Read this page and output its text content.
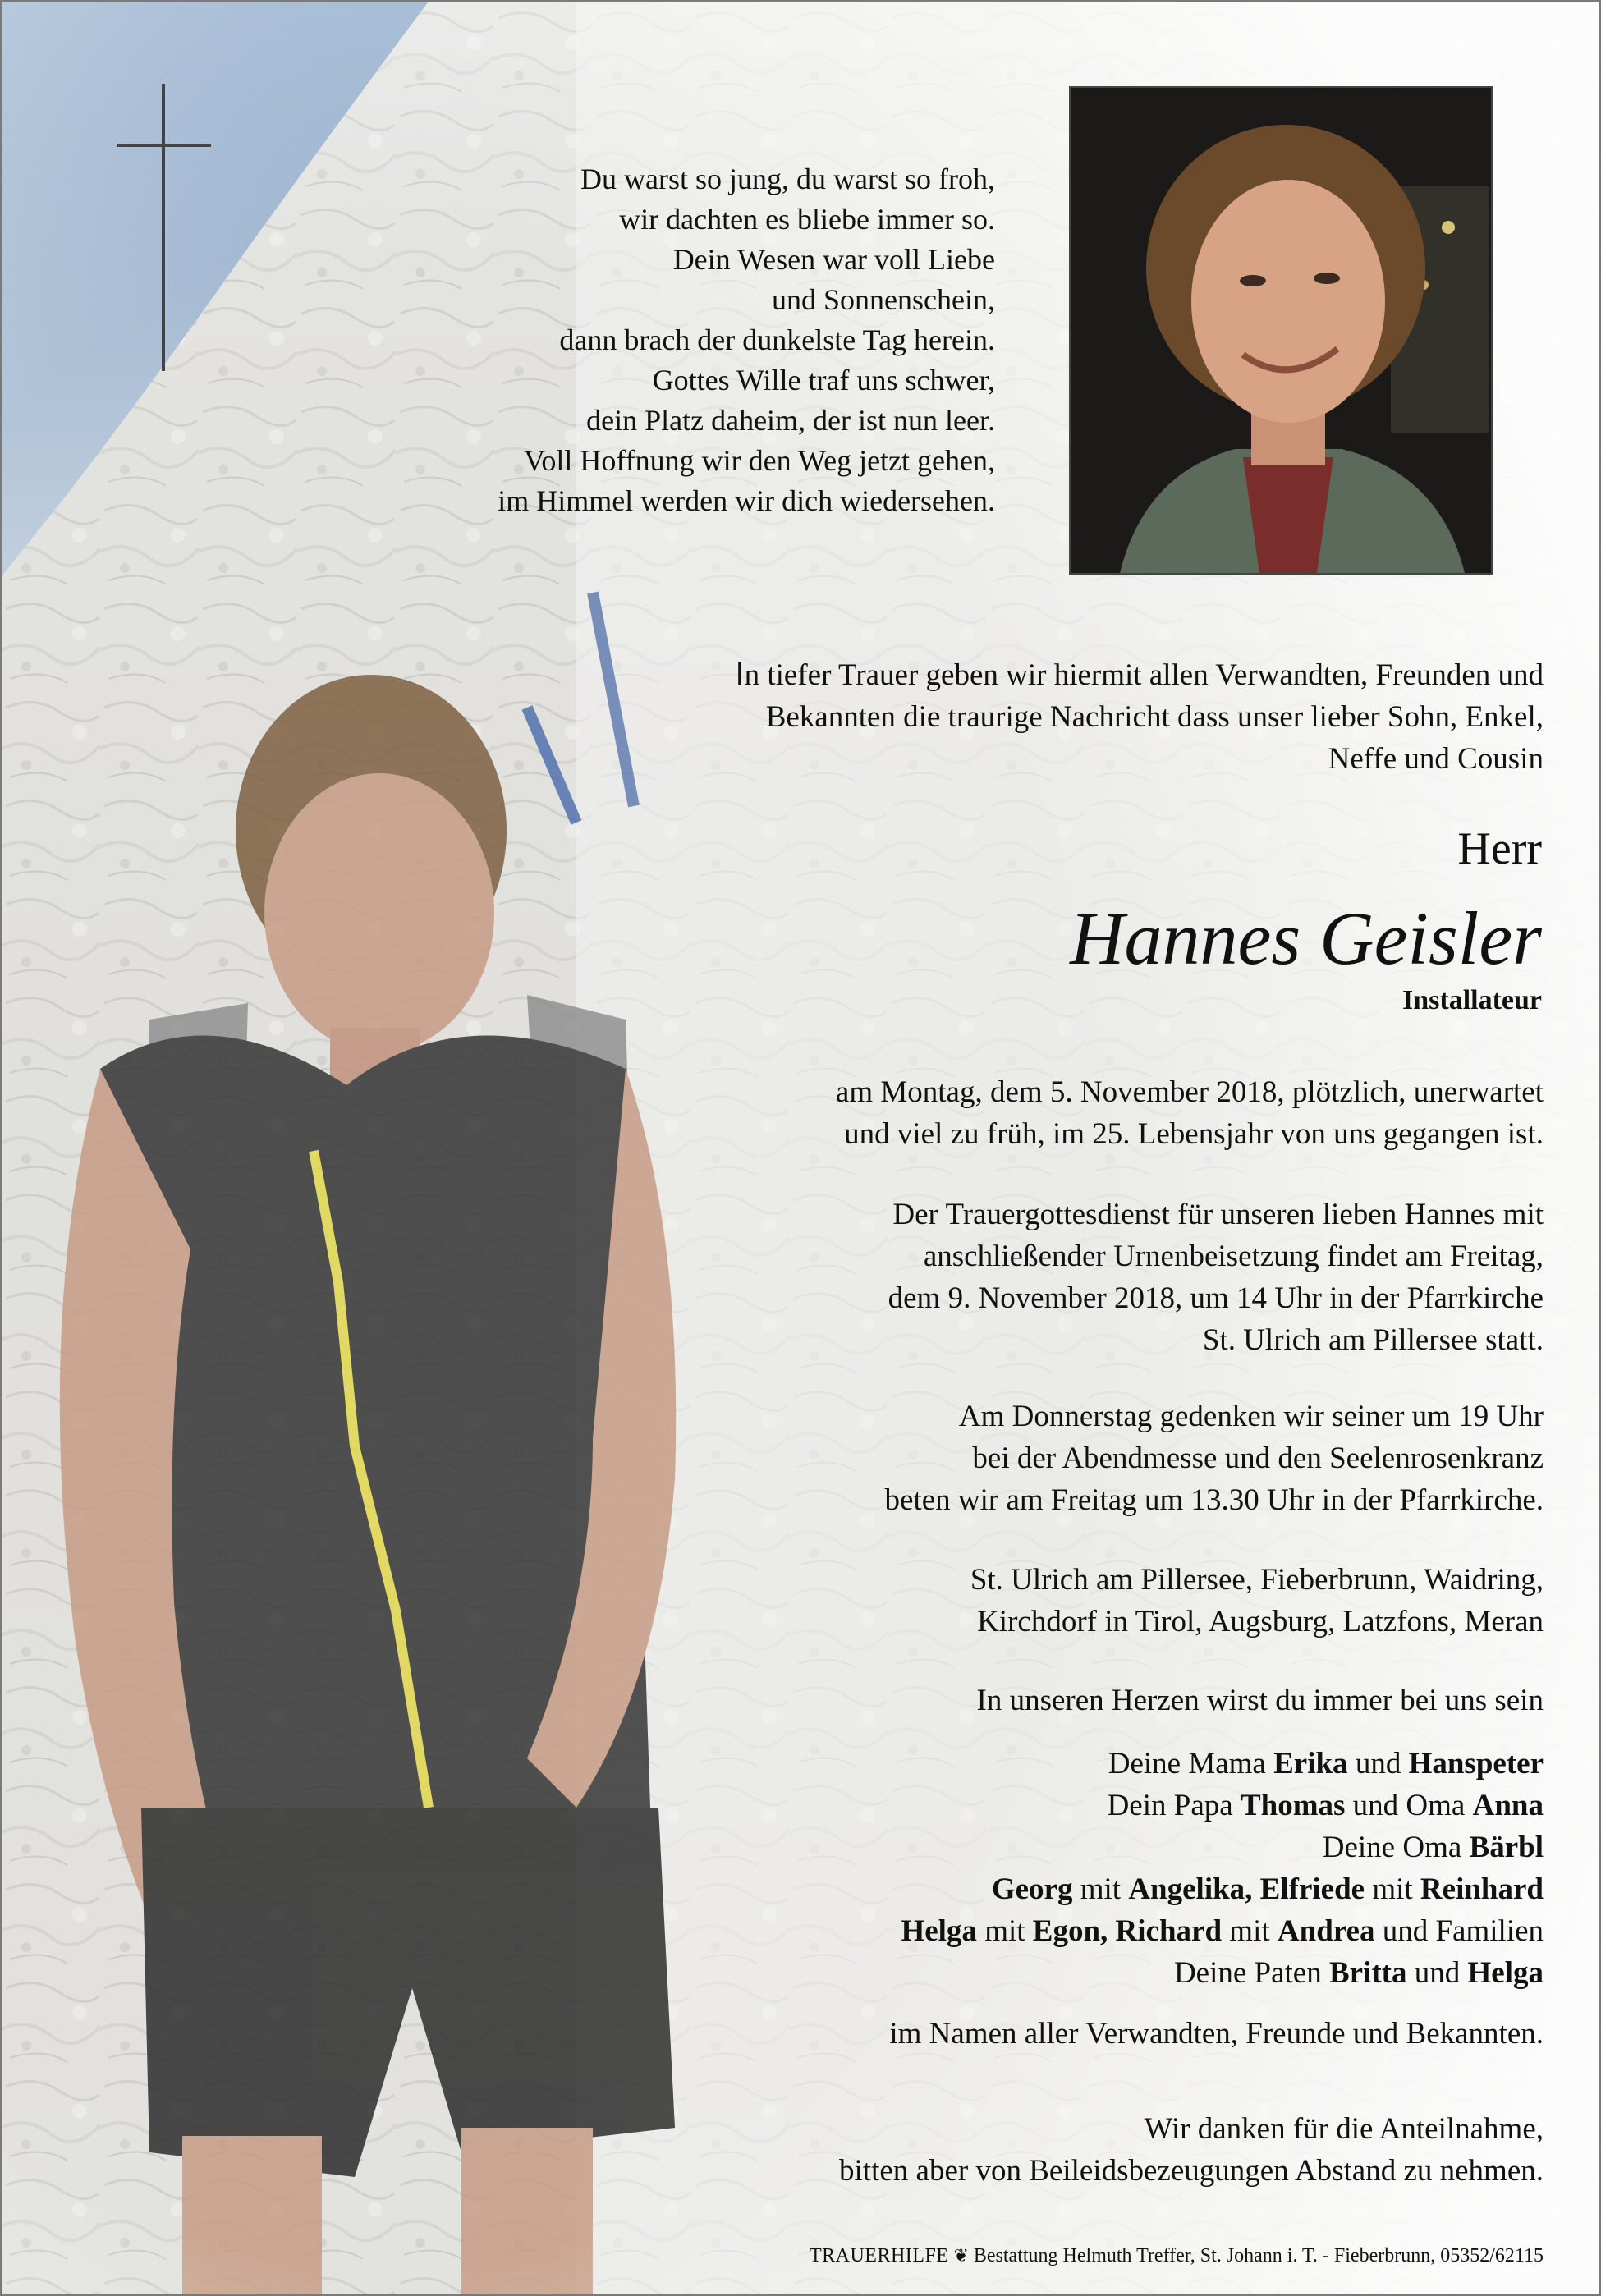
Du warst so jung, du warst so froh,
wir dachten es bliebe immer so.
Dein Wesen war voll Liebe
und Sonnenschein,
dann brach der dunkelste Tag herein.
Gottes Wille traf uns schwer,
dein Platz daheim, der ist nun leer.
Voll Hoffnung wir den Weg jetzt gehen,
im Himmel werden wir dich wiedersehen.
In tiefer Trauer geben wir hiermit allen Verwandten, Freunden und
Bekannten die traurige Nachricht dass unser lieber Sohn, Enkel,
Neffe und Cousin
Herr
Hannes Geisler
Installateur
am Montag, dem 5. November 2018, plötzlich, unerwartet
und viel zu früh, im 25. Lebensjahr von uns gegangen ist.
Der Trauergottesdienst für unseren lieben Hannes mit
anschließender Urnenbeisetzung findet am Freitag,
dem 9. November 2018, um 14 Uhr in der Pfarrkirche
St. Ulrich am Pillersee statt.
Am Donnerstag gedenken wir seiner um 19 Uhr
bei der Abendmesse und den Seelenrosenkranz
beten wir am Freitag um 13.30 Uhr in der Pfarrkirche.
St. Ulrich am Pillersee, Fieberbrunn, Waidring,
Kirchdorf in Tirol, Augsburg, Latzfons, Meran
In unseren Herzen wirst du immer bei uns sein
Deine Mama Erika und Hanspeter
Dein Papa Thomas und Oma Anna
Deine Oma Bärbl
Georg mit Angelika, Elfriede mit Reinhard
Helga mit Egon, Richard mit Andrea und Familien
Deine Paten Britta und Helga
im Namen aller Verwandten, Freunde und Bekannten.
Wir danken für die Anteilnahme,
bitten aber von Beileidsbezeugungen Abstand zu nehmen.
TRAUERHILFE ❦ Bestattung Helmuth Treffer, St. Johann i. T. - Fieberbrunn, 05352/62115
